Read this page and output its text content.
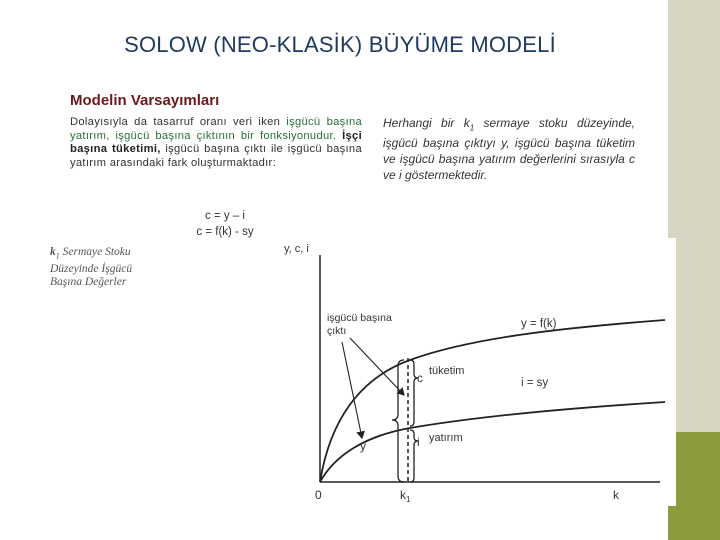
SOLOW (NEO-KLASİK) BÜYÜME MODELİ
Modelin Varsayımları
Dolayısıyla da tasarruf oranı veri iken işgücü başına yatırım, işgücü başına çıktının bir fonksiyonudur. İşçi başına tüketimi, işgücü başına çıktı ile işgücü başına yatırım arasındaki fark oluşturmaktadır:
Herhangi bir $k_1$ sermaye stoku düzeyinde, işgücü başına çıktıyı y, işgücü başına tüketim ve işgücü başına yatırım değerlerini sırasıyla c ve i göstermektedir.
c = y – i
c = f(k) - sy
$k_1$ Sermaye Stoku
Düzeyinde İşgücü
Başına Değerler
y, c, i
k
0	$k_1$
c
i
y
tüketim
yatırım
y = f(k)
i = sy
işgücü başına
çıktı
